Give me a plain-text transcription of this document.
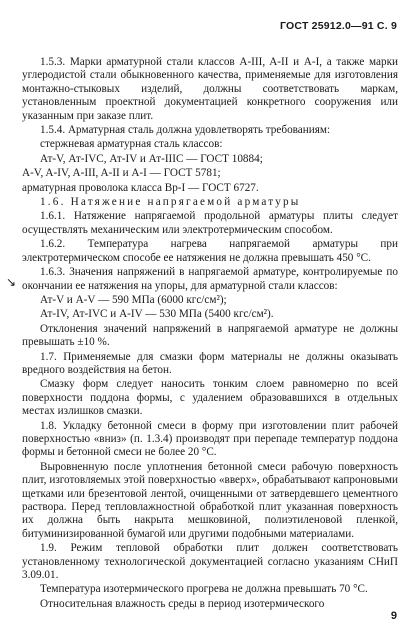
ГОСТ 25912.0—91 С. 9
↘

1.5.3. Марки арматурной стали классов A-III, A-II и A-I, а также марки углеродистой стали обыкновенного качества, применяемые для изготовления монтажно-стыковых изделий, должны соответствовать маркам, установленным проектной документацией конкретного сооружения или указанным при заказе плит.

1.5.4. Арматурная сталь должна удовлетворять требованиям:

стержневая арматурная сталь классов:

Ат-V, Ат-IVC, Ат-IV и Ат-IIIC — ГОСТ 10884;

A-V, A-IV, A-III, A-II и A-I — ГОСТ 5781;

арматурная проволока класса Вр-I — ГОСТ 6727.

1.6. Натяжение напрягаемой арматуры

1.6.1. Натяжение напрягаемой продольной арматуры плиты следует осуществлять механическим или электротермическим способом.

1.6.2. Температура нагрева напрягаемой арматуры при электротермическом способе ее натяжения не должна превышать 450 °С.

1.6.3. Значения напряжений в напрягаемой арматуре, контролируемые по окончании ее натяжения на упоры, для арматурной стали классов:

Ат-V и A-V — 590 МПа (6000 кгс/см²);

Ат-IV, Ат-IVC и A-IV — 530 МПа (5400 кгс/см²).

Отклонения значений напряжений в напрягаемой арматуре не должны превышать ±10 %.

1.7. Применяемые для смазки форм материалы не должны оказывать вредного воздействия на бетон.

Смазку форм следует наносить тонким слоем равномерно по всей поверхности поддона формы, с удалением образовавшихся в отдельных местах излишков смазки.

1.8. Укладку бетонной смеси в форму при изготовлении плит рабочей поверхностью «вниз» (п. 1.3.4) производят при перепаде температур поддона формы и бетонной смеси не более 20 °С.

Выровненную после уплотнения бетонной смеси рабочую поверхность плит, изготовляемых этой поверхностью «вверх», обрабатывают капроновыми щетками или брезентовой лентой, очищенными от затвердевшего цементного раствора. Перед тепловлажностной обработкой плит указанная поверхность их должна быть накрыта мешковиной, полиэтиленовой пленкой, битуминизированной бумагой или другими подобными материалами.

1.9. Режим тепловой обработки плит должен соответствовать установленному технологической документацией согласно указаниям СНиП 3.09.01.

Температура изотермического прогрева не должна превышать 70 °С.

Относительная влажность среды в период изотермического

9
